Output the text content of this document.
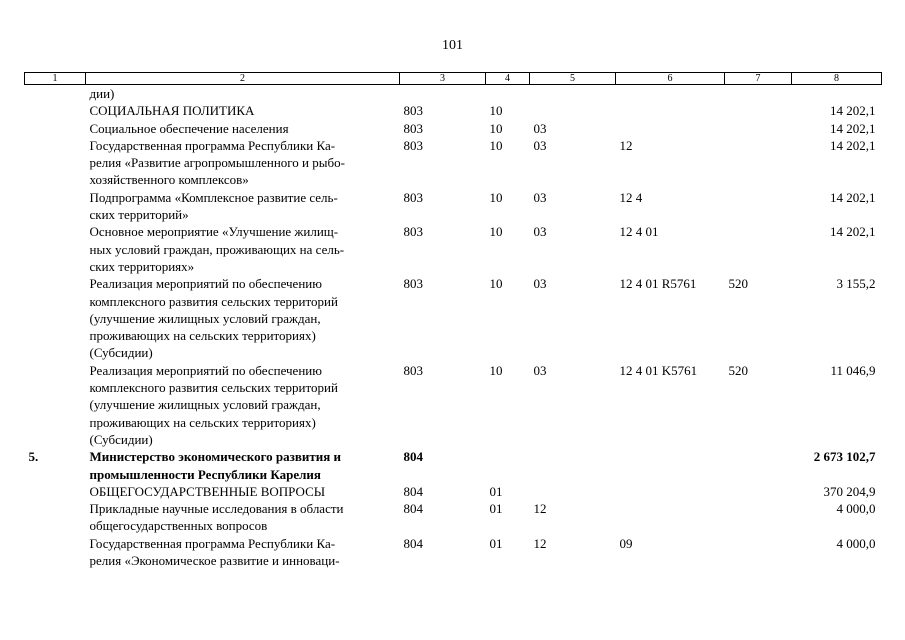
101
1	2	3	4	5	6	7	8
	дии)						
	СОЦИАЛЬНАЯ ПОЛИТИКА	803	10				14 202,1
	Социальное обеспечение населения	803	10	03			14 202,1
	Государственная программа Республики Ка-
релия «Развитие агропромышленного и рыбо-
хозяйственного комплексов»	803	10	03	12		14 202,1
	Подпрограмма «Комплексное развитие сель-
ских территорий»	803	10	03	12 4		14 202,1
	Основное мероприятие «Улучшение жилищ-
ных условий граждан, проживающих на сель-
ских территориях»	803	10	03	12 4 01		14 202,1
	Реализация мероприятий по обеспечению
комплексного развития сельских территорий
(улучшение жилищных условий граждан,
проживающих на сельских территориях)
(Субсидии)	803	10	03	12 4 01 R5761	520	3 155,2
	Реализация мероприятий по обеспечению
комплексного развития сельских территорий
(улучшение жилищных условий граждан,
проживающих на сельских территориях)
(Субсидии)	803	10	03	12 4 01 K5761	520	11 046,9
5.	Министерство экономического развития и
промышленности Республики Карелия	804					2 673 102,7
	ОБЩЕГОСУДАРСТВЕННЫЕ ВОПРОСЫ	804	01				370 204,9
	Прикладные научные исследования в области
общегосударственных вопросов	804	01	12			4 000,0
	Государственная программа Республики Ка-
релия «Экономическое развитие и инноваци-	804	01	12	09		4 000,0
